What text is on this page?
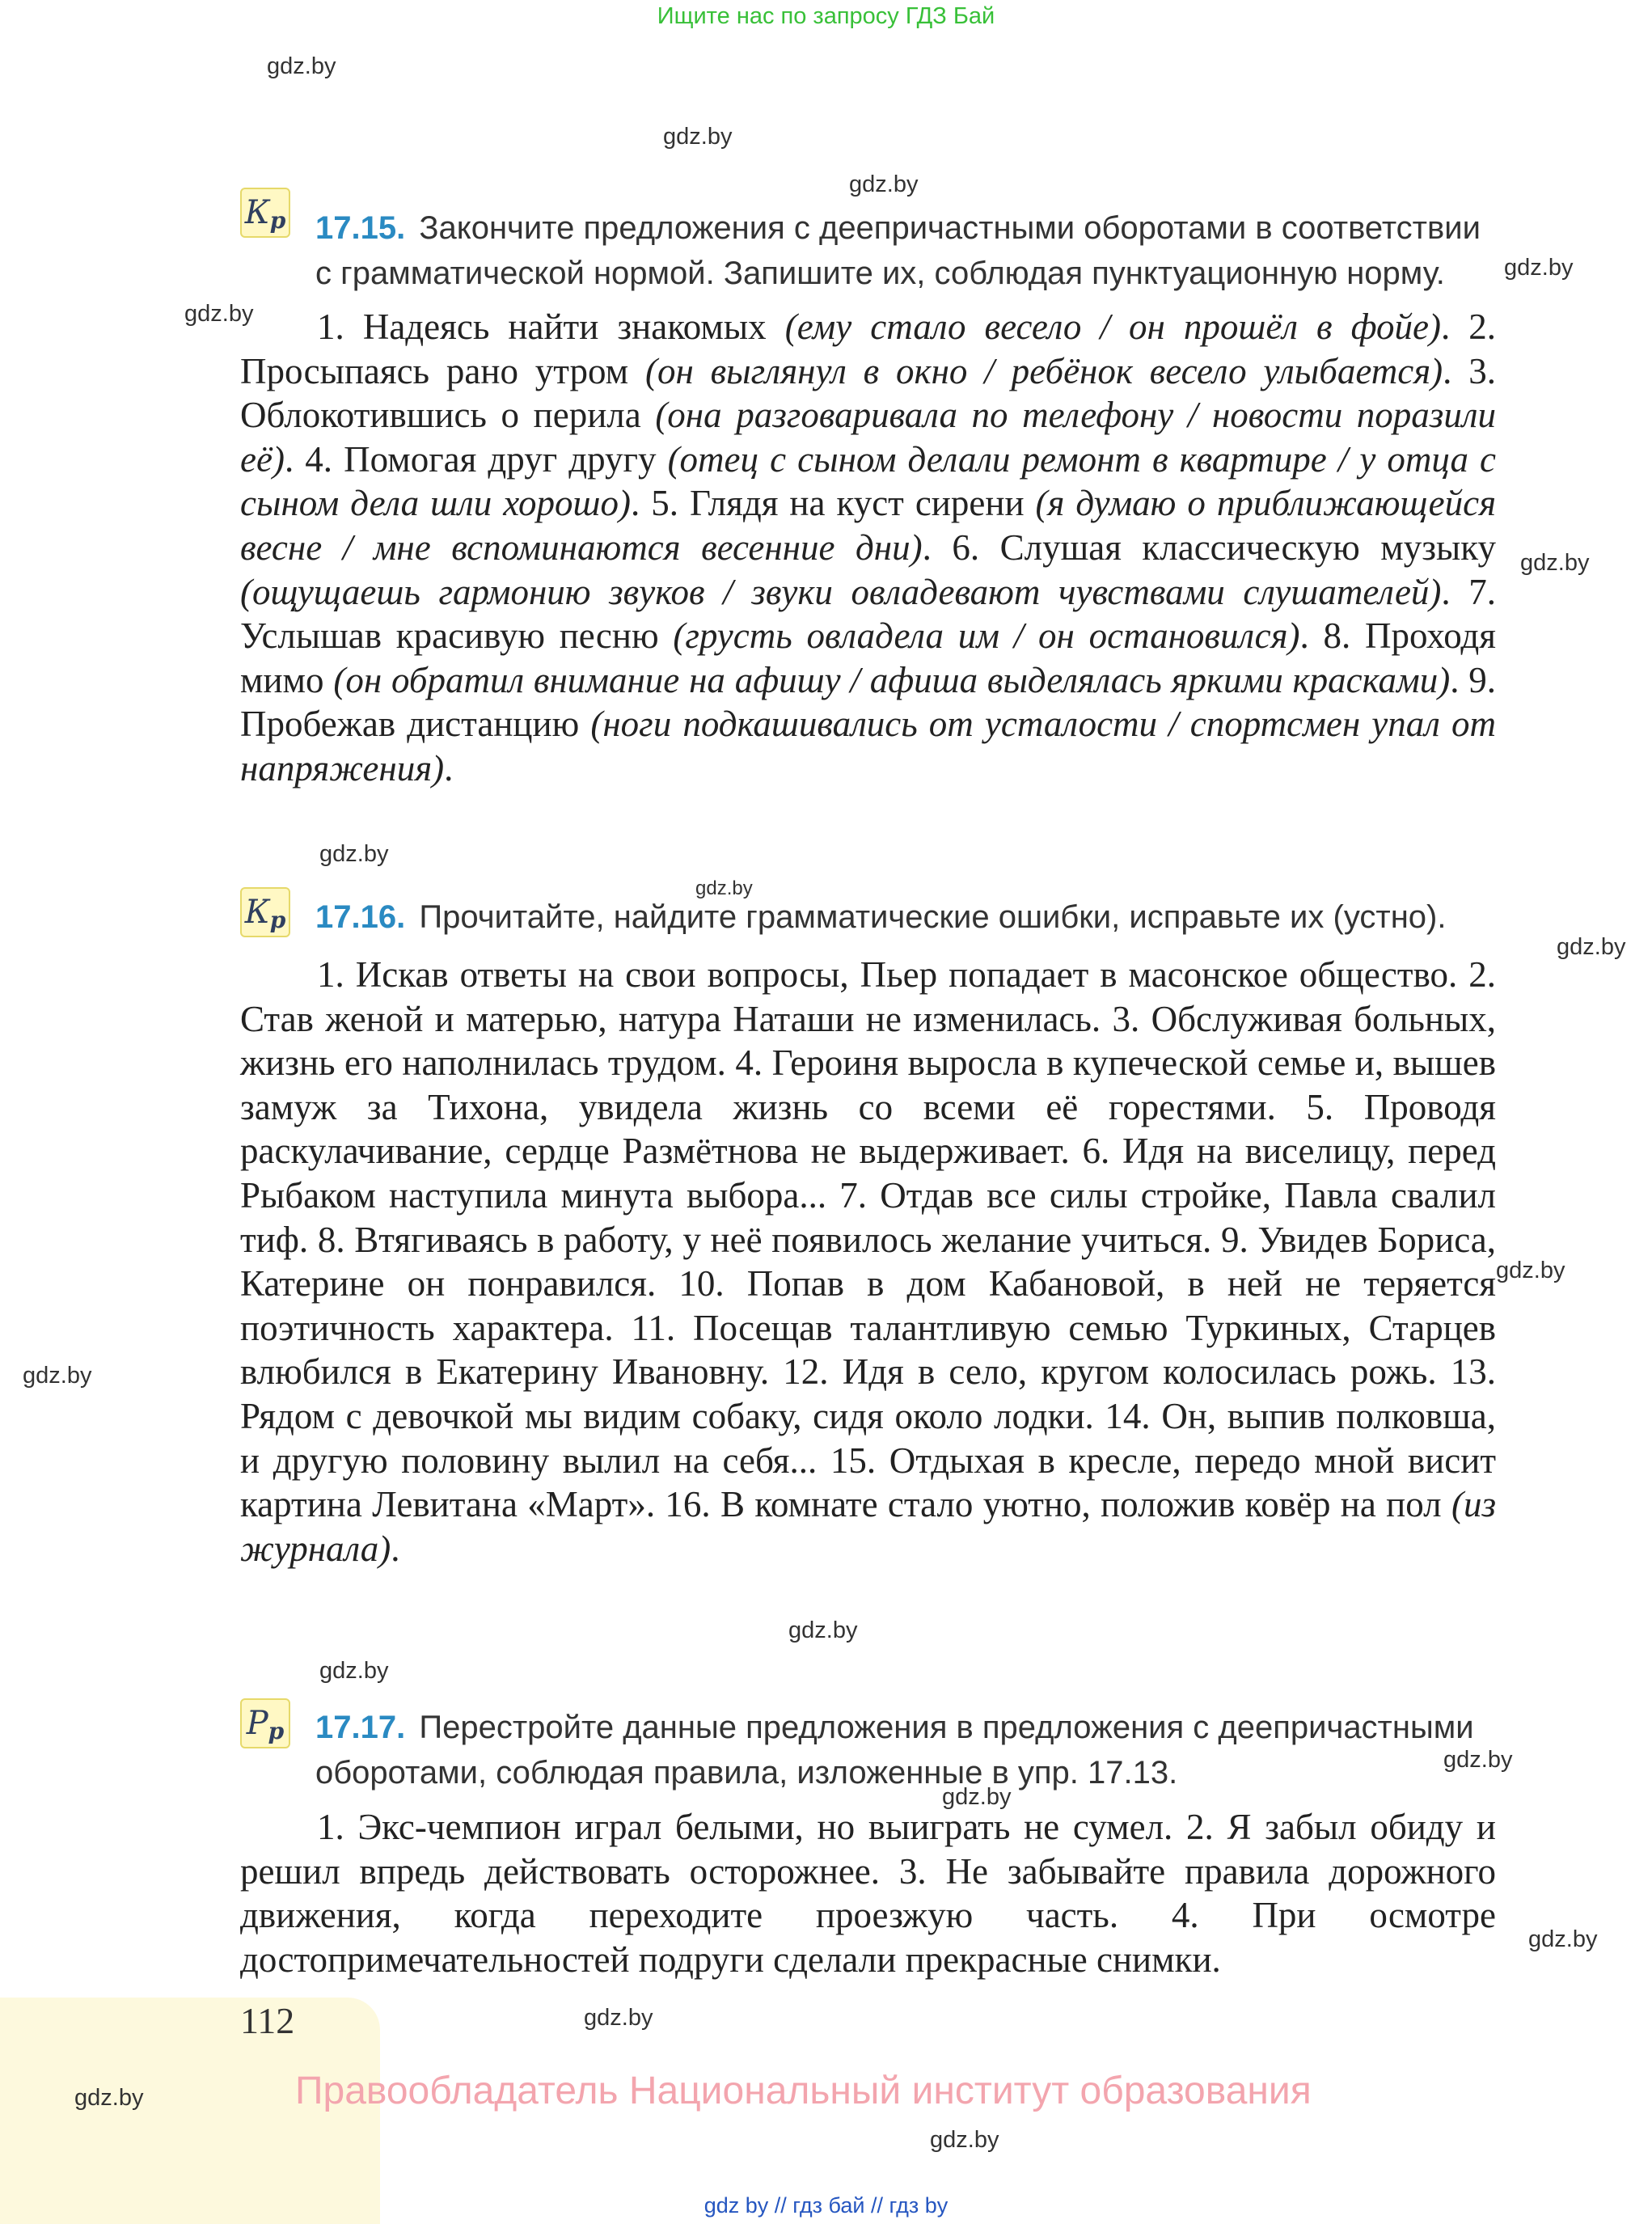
Ищите нас по запросу ГДЗ Бай
gdz.by
gdz.by
gdz.by
gdz.by
gdz.by
gdz.by
gdz.by
gdz.by
gdz.by
gdz.by
gdz.by
gdz.by
gdz.by
gdz.by
gdz.by
gdz.by
gdz.by
gdz.by
gdz.by
$К_р$ 17.15. Закончите предложения с деепричастными оборотами в соответствии с грамматической нормой. Запишите их, соблюдая пунктуационную норму.
1. Надеясь найти знакомых (ему стало весело / он прошёл в фойе). 2. Просыпаясь рано утром (он выглянул в окно / ребёнок весело улыбается). 3. Облокотившись о перила (она разговаривала по телефону / новости поразили её). 4. Помогая друг другу (отец с сыном делали ремонт в квартире / у отца с сыном дела шли хорошо). 5. Глядя на куст сирени (я думаю о приближающейся весне / мне вспоминаются весенние дни). 6. Слушая классическую музыку (ощущаешь гармонию звуков / звуки овладевают чувствами слушателей). 7. Услышав красивую песню (грусть овладела им / он остановился). 8. Проходя мимо (он обратил внимание на афишу / афиша выделялась яркими красками). 9. Пробежав дистанцию (ноги подкашивались от усталости / спортсмен упал от напряжения).
$К_р$ 17.16. Прочитайте, найдите грамматические ошибки, исправьте их (устно).
1. Искав ответы на свои вопросы, Пьер попадает в масонское общество. 2. Став женой и матерью, натура Наташи не изменилась. 3. Обслуживая больных, жизнь его наполнилась трудом. 4. Героиня выросла в купеческой семье и, вышев замуж за Тихона, увидела жизнь со всеми её горестями. 5. Проводя раскулачивание, сердце Размётнова не выдерживает. 6. Идя на виселицу, перед Рыбаком наступила минута выбора... 7. Отдав все силы стройке, Павла свалил тиф. 8. Втягиваясь в работу, у неё появилось желание учиться. 9. Увидев Бориса, Катерине он понравился. 10. Попав в дом Кабановой, в ней не теряется поэтичность характера. 11. Посещав талантливую семью Туркиных, Старцев влюбился в Екатерину Ивановну. 12. Идя в село, кругом колосилась рожь. 13. Рядом с девочкой мы видим собаку, сидя около лодки. 14. Он, выпив полковша, и другую половину вылил на себя... 15. Отдыхая в кресле, передо мной висит картина Левитана «Март». 16. В комнате стало уютно, положив ковёр на пол (из журнала).
$Р_р$ 17.17. Перестройте данные предложения в предложения с деепричастными оборотами, соблюдая правила, изложенные в упр. 17.13.
1. Экс-чемпион играл белыми, но выиграть не сумел. 2. Я забыл обиду и решил впредь действовать осторожнее. 3. Не забывайте правила дорожного движения, когда переходите проезжую часть. 4. При осмотре достопримечательностей подруги сделали прекрасные снимки.
112
Правообладатель Национальный институт образования
gdz by // гдз бай // гдз by
